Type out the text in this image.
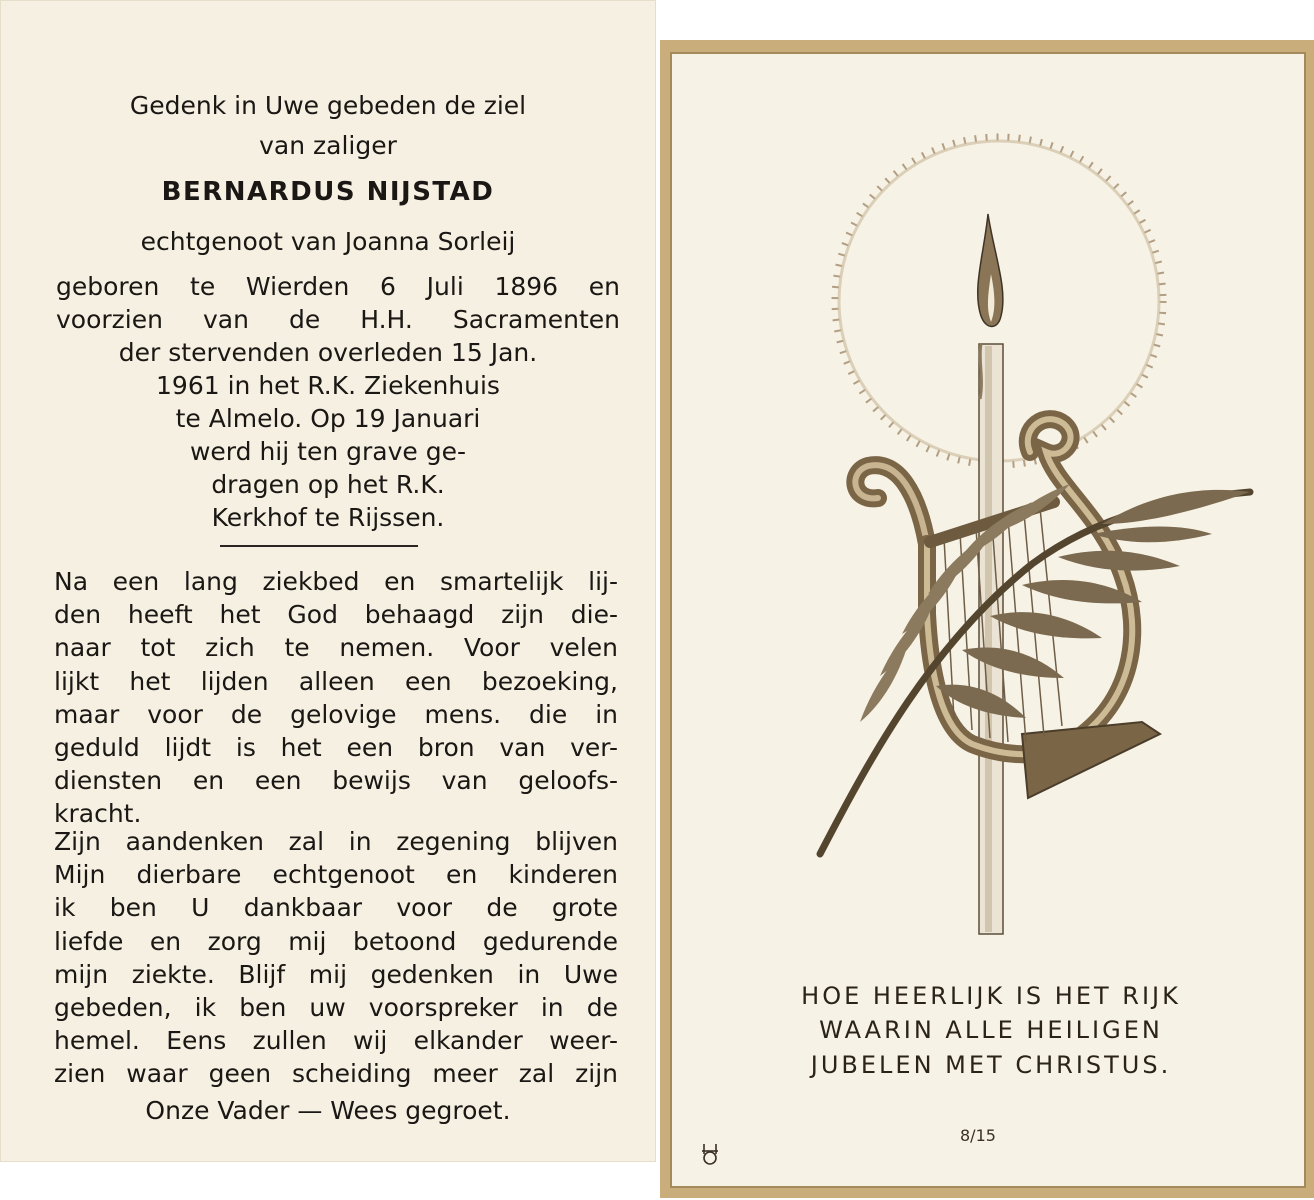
Gedenk in Uwe gebeden de ziel
van zaliger
BERNARDUS NIJSTAD
echtgenoot van Joanna Sorleij
geboren te Wierden 6 Juli 1896 en
voorzien van de H.H. Sacramenten
der stervenden overleden 15 Jan.
1961 in het R.K. Ziekenhuis
te Almelo. Op 19 Januari
werd hij ten grave ge-
dragen op het R.K.
Kerkhof te Rijssen.
Na een lang ziekbed en smartelijk lij-
den heeft het God behaagd zijn die-
naar tot zich te nemen. Voor velen
lijkt het lijden alleen een bezoeking,
maar voor de gelovige mens. die in
geduld lijdt is het een bron van ver-
diensten en een bewijs van geloofs-
kracht.
Zijn aandenken zal in zegening blijven
Mijn dierbare echtgenoot en kinderen
ik ben U dankbaar voor de grote
liefde en zorg mij betoond gedurende
mijn ziekte. Blijf mij gedenken in Uwe
gebeden, ik ben uw voorspreker in de
hemel. Eens zullen wij elkander weer-
zien waar geen scheiding meer zal zijn
Onze Vader — Wees gegroet.
HOE HEERLIJK IS HET RIJK
WAARIN ALLE HEILIGEN
JUBELEN MET CHRISTUS.
8/15
